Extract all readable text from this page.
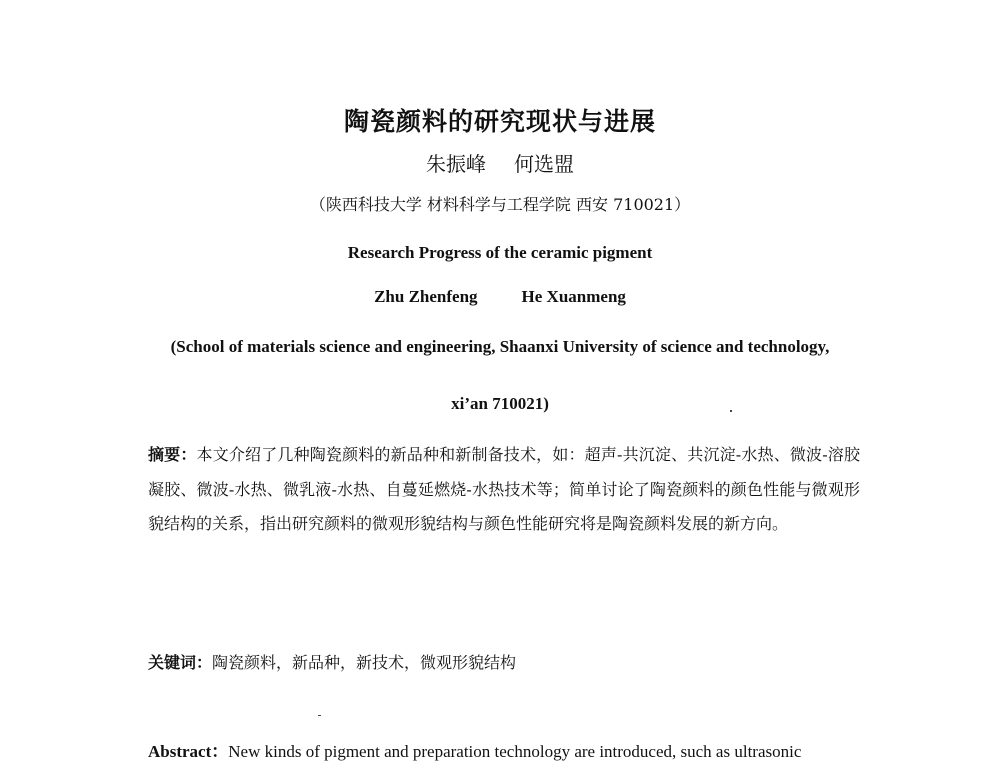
陶瓷颜料的研究现状与进展
朱振峰 何选盟
（陕西科技大学 材料科学与工程学院 西安 710021）
Research Progress of the ceramic pigment
Zhu Zhenfeng	He Xuanmeng
(School of materials science and engineering, Shaanxi University of science and technology,
xi’an 710021)
摘要：本文介绍了几种陶瓷颜料的新品种和新制备技术，如：超声-共沉淀、共沉淀-水热、微波-溶胶凝胶、微波-水热、微乳液-水热、自蔓延燃烧-水热技术等；简单讨论了陶瓷颜料的颜色性能与微观形貌结构的关系，指出研究颜料的微观形貌结构与颜色性能研究将是陶瓷颜料发展的新方向。
关键词：陶瓷颜料，新品种，新技术，微观形貌结构
Abstract：New kinds of pigment and preparation technology are introduced, such as ultrasonic
